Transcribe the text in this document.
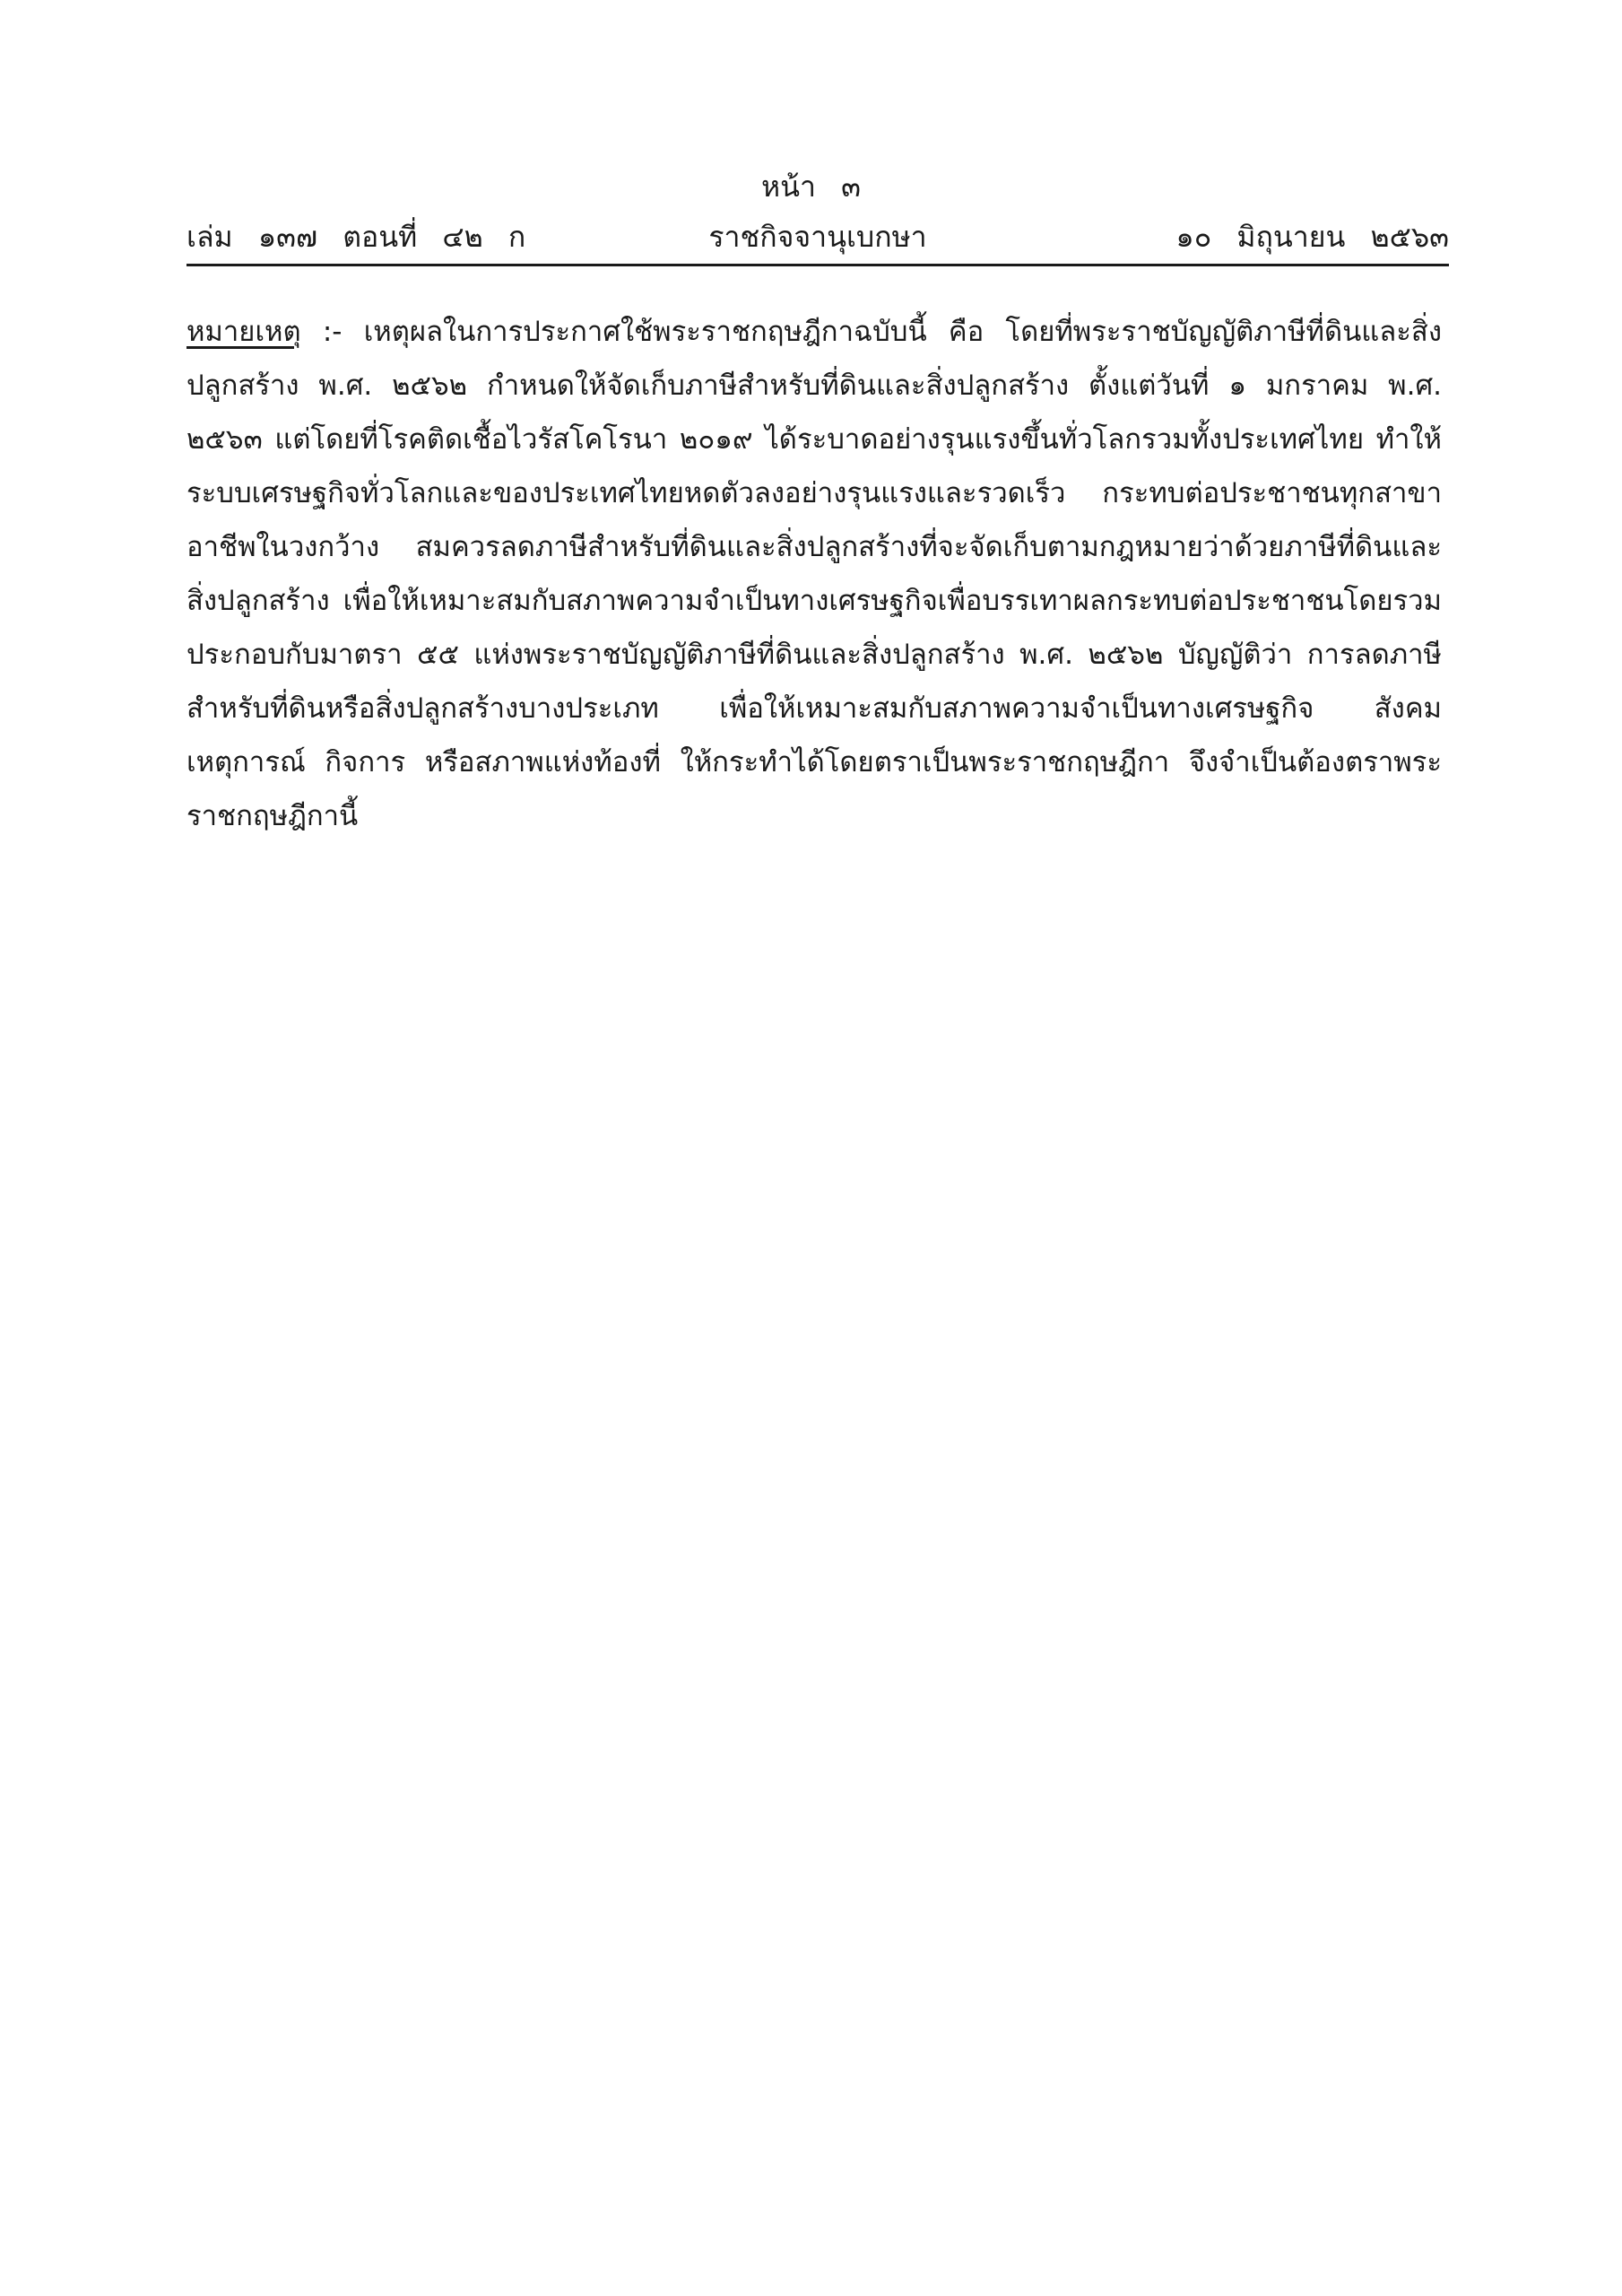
หน้า ๓
ราชกิจจานุเบกษา
เล่ม ๑๓๗ ตอนที่ ๔๒ ก	๑๐ มิถุนายน ๒๕๖๓
หมายเหตุ :- เหตุผลในการประกาศใช้พระราชกฤษฎีกาฉบับนี้ คือ โดยที่พระราชบัญญัติภาษีที่ดินและสิ่งปลูกสร้าง พ.ศ. ๒๕๖๒ กำหนดให้จัดเก็บภาษีสำหรับที่ดินและสิ่งปลูกสร้าง ตั้งแต่วันที่ ๑ มกราคม พ.ศ. ๒๕๖๓ แต่โดยที่โรคติดเชื้อไวรัสโคโรนา ๒๐๑๙ ได้ระบาดอย่างรุนแรงขึ้นทั่วโลกรวมทั้งประเทศไทย ทำให้ระบบเศรษฐกิจทั่วโลกและของประเทศไทยหดตัวลงอย่างรุนแรงและรวดเร็ว กระทบต่อประชาชนทุกสาขาอาชีพในวงกว้าง สมควรลดภาษีสำหรับที่ดินและสิ่งปลูกสร้างที่จะจัดเก็บตามกฎหมายว่าด้วยภาษีที่ดินและสิ่งปลูกสร้าง เพื่อให้เหมาะสมกับสภาพความจำเป็นทางเศรษฐกิจเพื่อบรรเทาผลกระทบต่อประชาชนโดยรวม ประกอบกับมาตรา ๕๕ แห่งพระราชบัญญัติภาษีที่ดินและสิ่งปลูกสร้าง พ.ศ. ๒๕๖๒ บัญญัติว่า การลดภาษีสำหรับที่ดินหรือสิ่งปลูกสร้างบางประเภท เพื่อให้เหมาะสมกับสภาพความจำเป็นทางเศรษฐกิจ สังคม เหตุการณ์ กิจการ หรือสภาพแห่งท้องที่ ให้กระทำได้โดยตราเป็นพระราชกฤษฎีกา จึงจำเป็นต้องตราพระราชกฤษฎีกานี้
